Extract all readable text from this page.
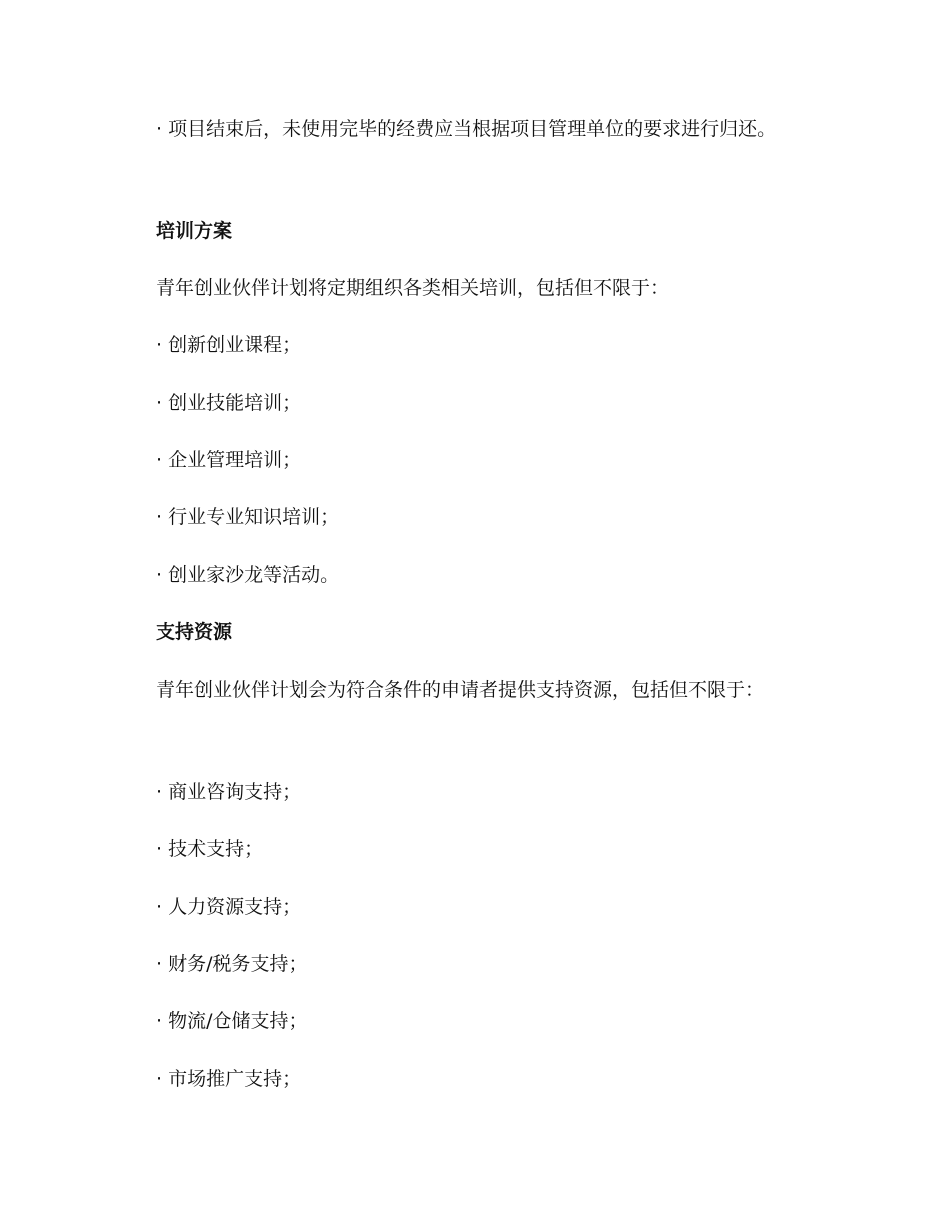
· 项目结束后，未使用完毕的经费应当根据项目管理单位的要求进行归还。
培训方案
青年创业伙伴计划将定期组织各类相关培训，包括但不限于：
· 创新创业课程；
· 创业技能培训；
· 企业管理培训；
· 行业专业知识培训；
· 创业家沙龙等活动。
支持资源
青年创业伙伴计划会为符合条件的申请者提供支持资源，包括但不限于：
· 商业咨询支持；
· 技术支持；
· 人力资源支持；
· 财务/税务支持；
· 物流/仓储支持；
· 市场推广支持；
